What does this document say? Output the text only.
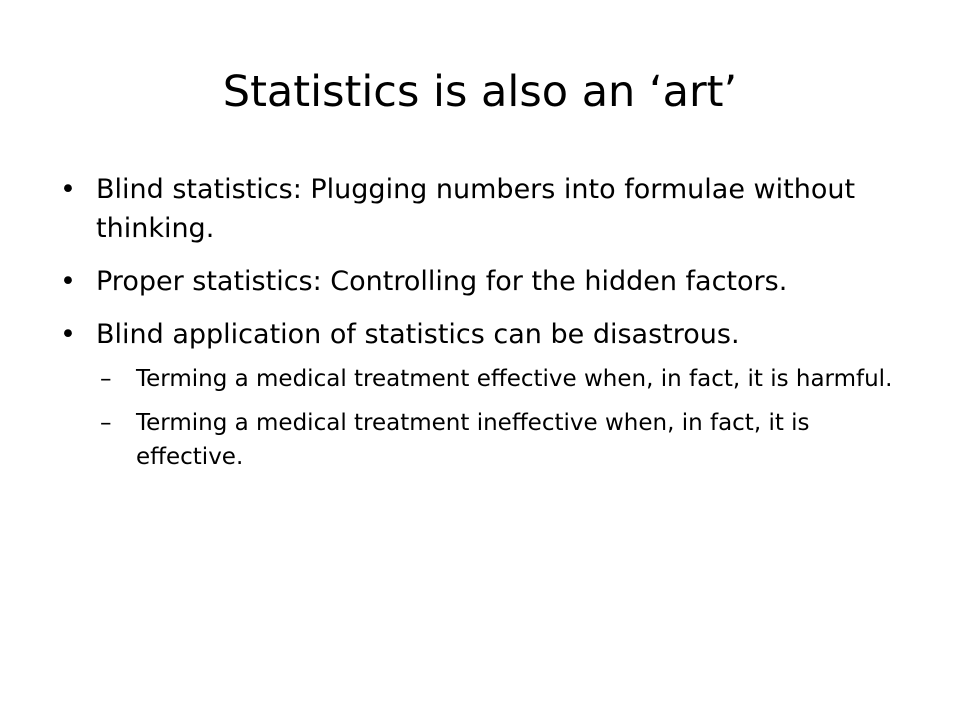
Statistics is also an ‘art’
• Blind statistics: Plugging numbers into formulae without thinking.
• Proper statistics: Controlling for the hidden factors.
• Blind application of statistics can be disastrous.
– Terming a medical treatment effective when, in fact, it is harmful.
– Terming a medical treatment ineffective when, in fact, it is effective.
